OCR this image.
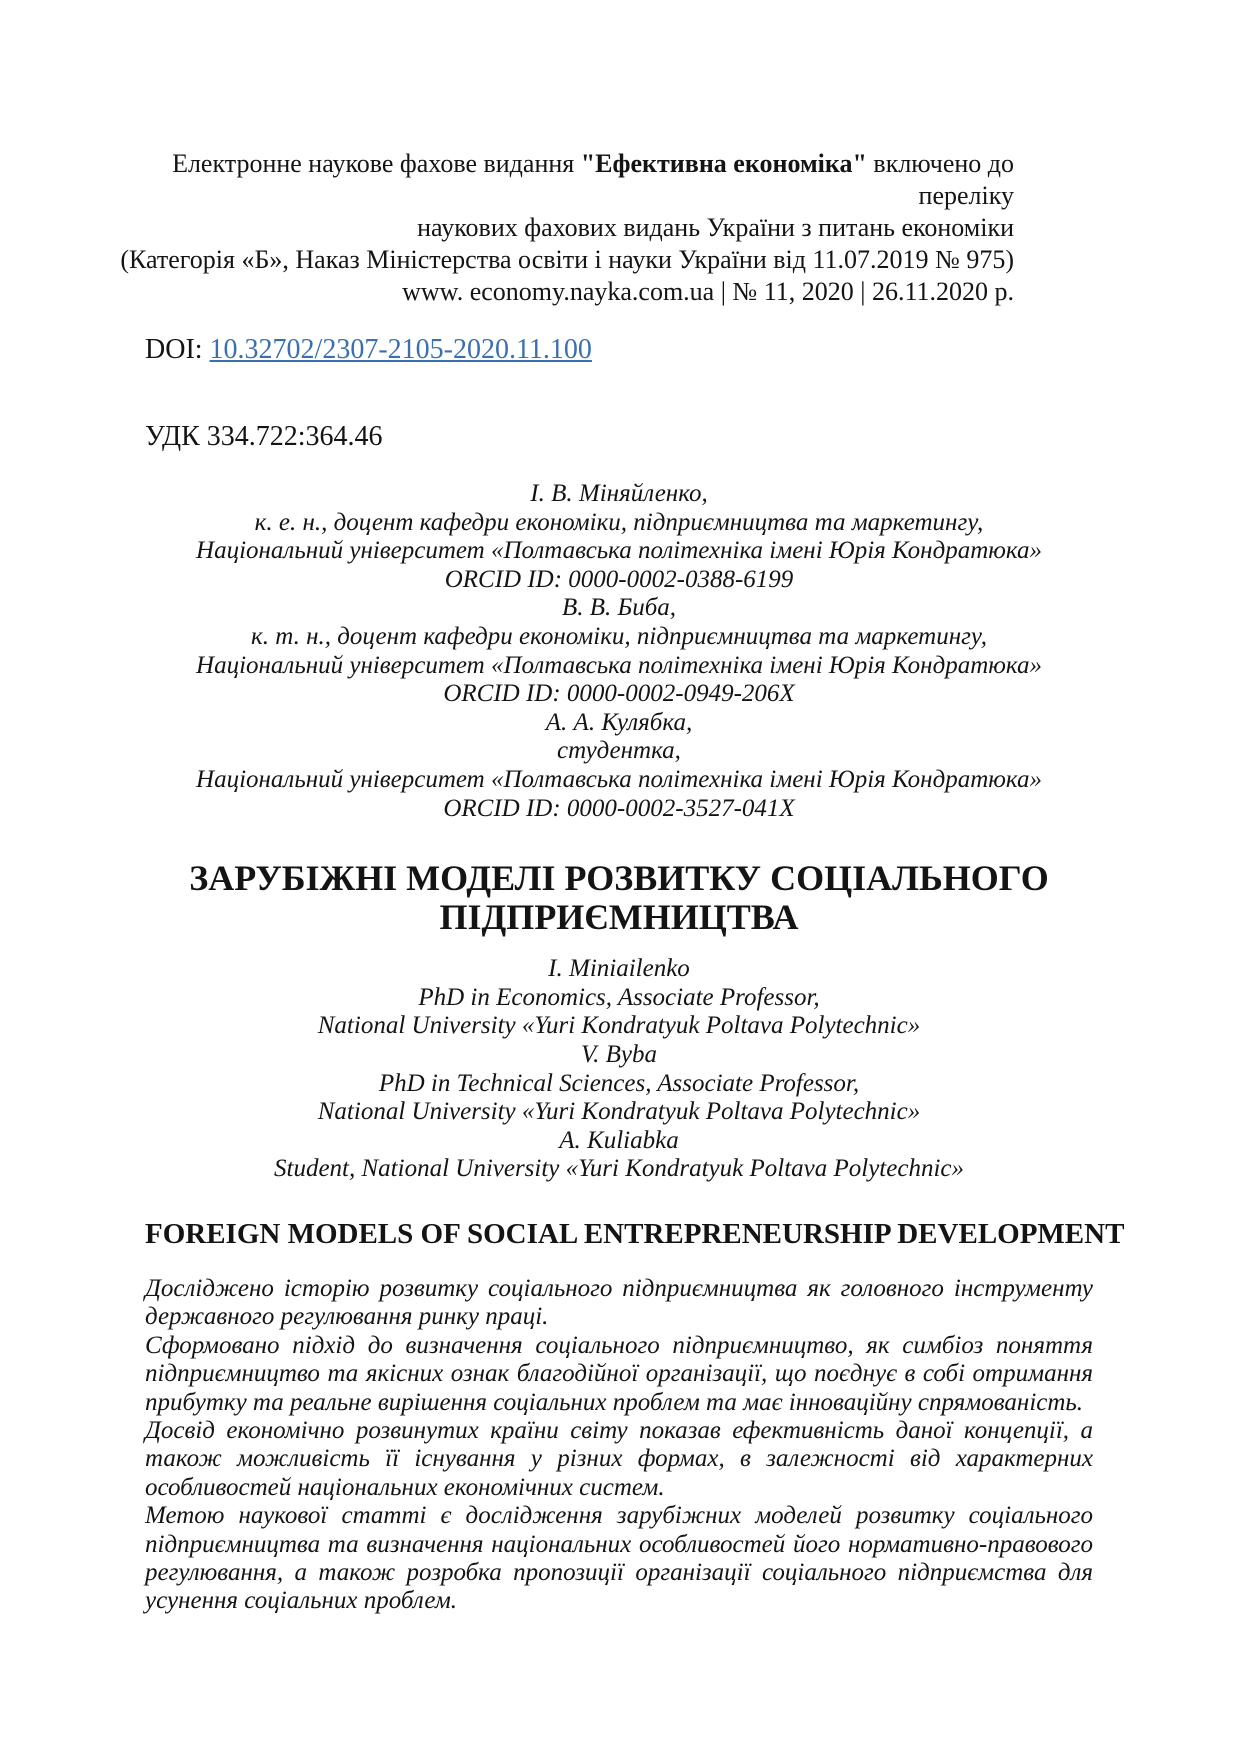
Електронне наукове фахове видання "Ефективна економіка" включено до переліку
наукових фахових видань України з питань економіки
(Категорія «Б», Наказ Міністерства освіти і науки України від 11.07.2019 № 975)
www. economy.nayka.com.ua | № 11, 2020 | 26.11.2020 р.
DOI: 10.32702/2307-2105-2020.11.100
УДК 334.722:364.46
І. В. Міняйленко,
к. е. н., доцент кафедри економіки, підприємництва та маркетингу,
Національний університет «Полтавська політехніка імені Юрія Кондратюка»
ORCID ID: 0000-0002-0388-6199
В. В. Биба,
к. т. н., доцент кафедри економіки, підприємництва та маркетингу,
Національний університет «Полтавська політехніка імені Юрія Кондратюка»
ORCID ID: 0000-0002-0949-206X
А. А. Кулябка,
студентка,
Національний університет «Полтавська політехніка імені Юрія Кондратюка»
ORCID ID: 0000-0002-3527-041X
ЗАРУБІЖНІ МОДЕЛІ РОЗВИТКУ СОЦІАЛЬНОГО
ПІДПРИЄМНИЦТВА
I. Miniailenko
PhD in Economics, Associate Professor,
National University «Yuri Kondratyuk Poltava Polytechnic»
V. Byba
PhD in Technical Sciences, Associate Professor,
National University «Yuri Kondratyuk Poltava Polytechnic»
A. Kuliabka
Student, National University «Yuri Kondratyuk Poltava Polytechnic»
FOREIGN MODELS OF SOCIAL ENTREPRENEURSHIP DEVELOPMENT

Досліджено історію розвитку соціального підприємництва як головного інструменту державного регулювання ринку праці.

Сформовано підхід до визначення соціального підприємництво, як симбіоз поняття підприємництво та якісних ознак благодійної організації, що поєднує в собі отримання прибутку та реальне вирішення соціальних проблем та має інноваційну спрямованість.

Досвід економічно розвинутих країни світу показав ефективність даної концепції, а також можливість її існування у різних формах, в залежності від характерних особливостей національних економічних систем.

Метою наукової статті є дослідження зарубіжних моделей розвитку соціального підприємництва та визначення національних особливостей його нормативно-правового регулювання, а також розробка пропозиції організації соціального підприємства для усунення соціальних проблем.
